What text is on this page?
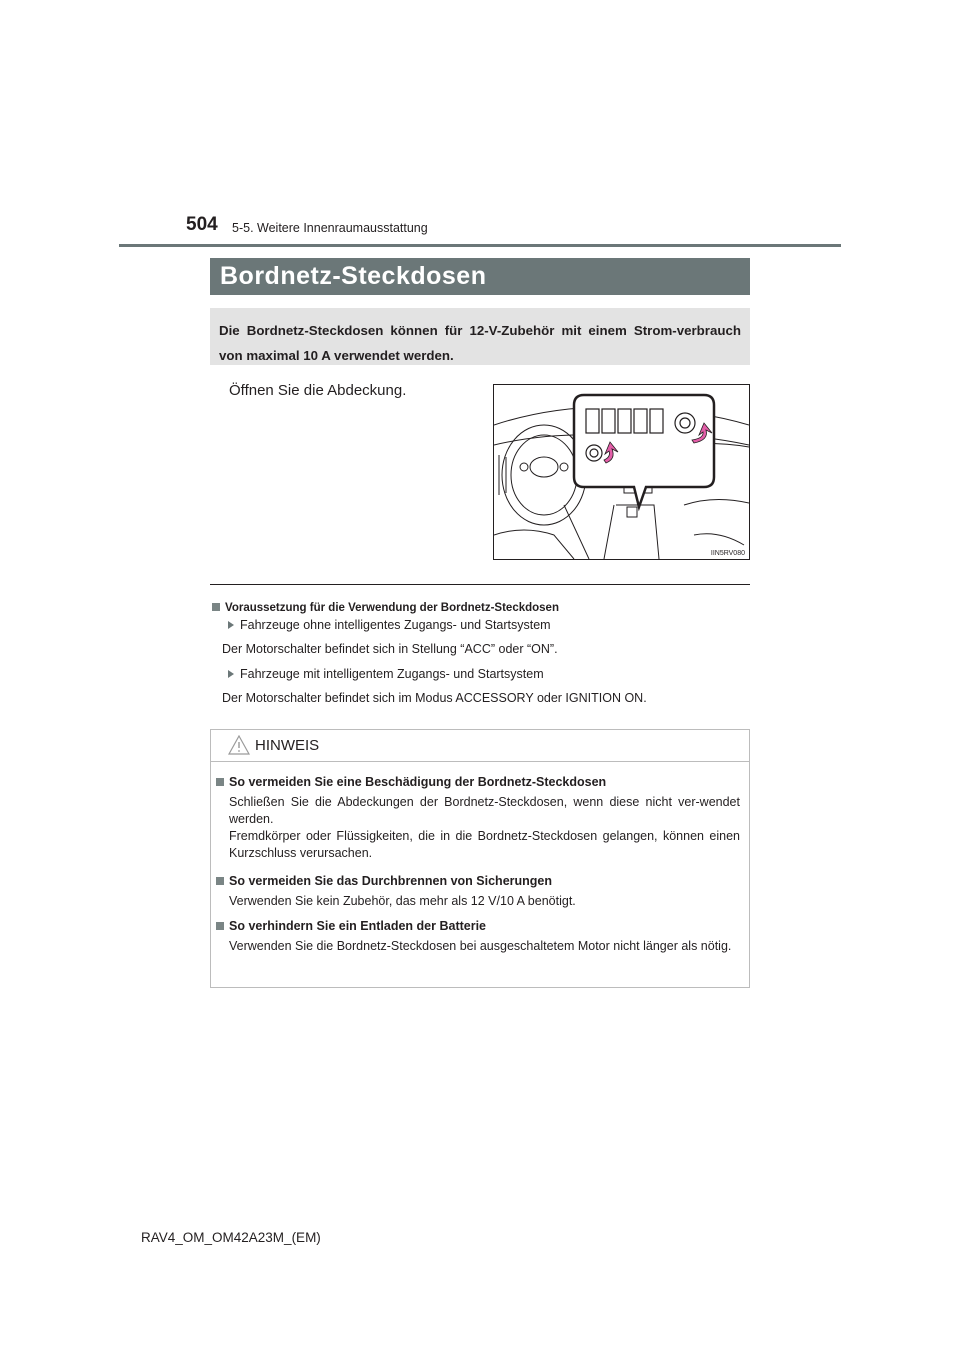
504 5-5. Weitere Innenraumausstattung
Bordnetz-Steckdosen
Die Bordnetz-Steckdosen können für 12-V-Zubehör mit einem Strom-verbrauch von maximal 10 A verwendet werden.
Öffnen Sie die Abdeckung.
IIN5RV080
Voraussetzung für die Verwendung der Bordnetz-Steckdosen
Fahrzeuge ohne intelligentes Zugangs- und Startsystem
Der Motorschalter befindet sich in Stellung “ACC” oder “ON”.
Fahrzeuge mit intelligentem Zugangs- und Startsystem
Der Motorschalter befindet sich im Modus ACCESSORY oder IGNITION ON.
HINWEIS
So vermeiden Sie eine Beschädigung der Bordnetz-Steckdosen
Schließen Sie die Abdeckungen der Bordnetz-Steckdosen, wenn diese nicht ver-wendet werden.
Fremdkörper oder Flüssigkeiten, die in die Bordnetz-Steckdosen gelangen, können einen Kurzschluss verursachen.
So vermeiden Sie das Durchbrennen von Sicherungen
Verwenden Sie kein Zubehör, das mehr als 12 V/10 A benötigt.
So verhindern Sie ein Entladen der Batterie
Verwenden Sie die Bordnetz-Steckdosen bei ausgeschaltetem Motor nicht länger als nötig.
RAV4_OM_OM42A23M_(EM)
